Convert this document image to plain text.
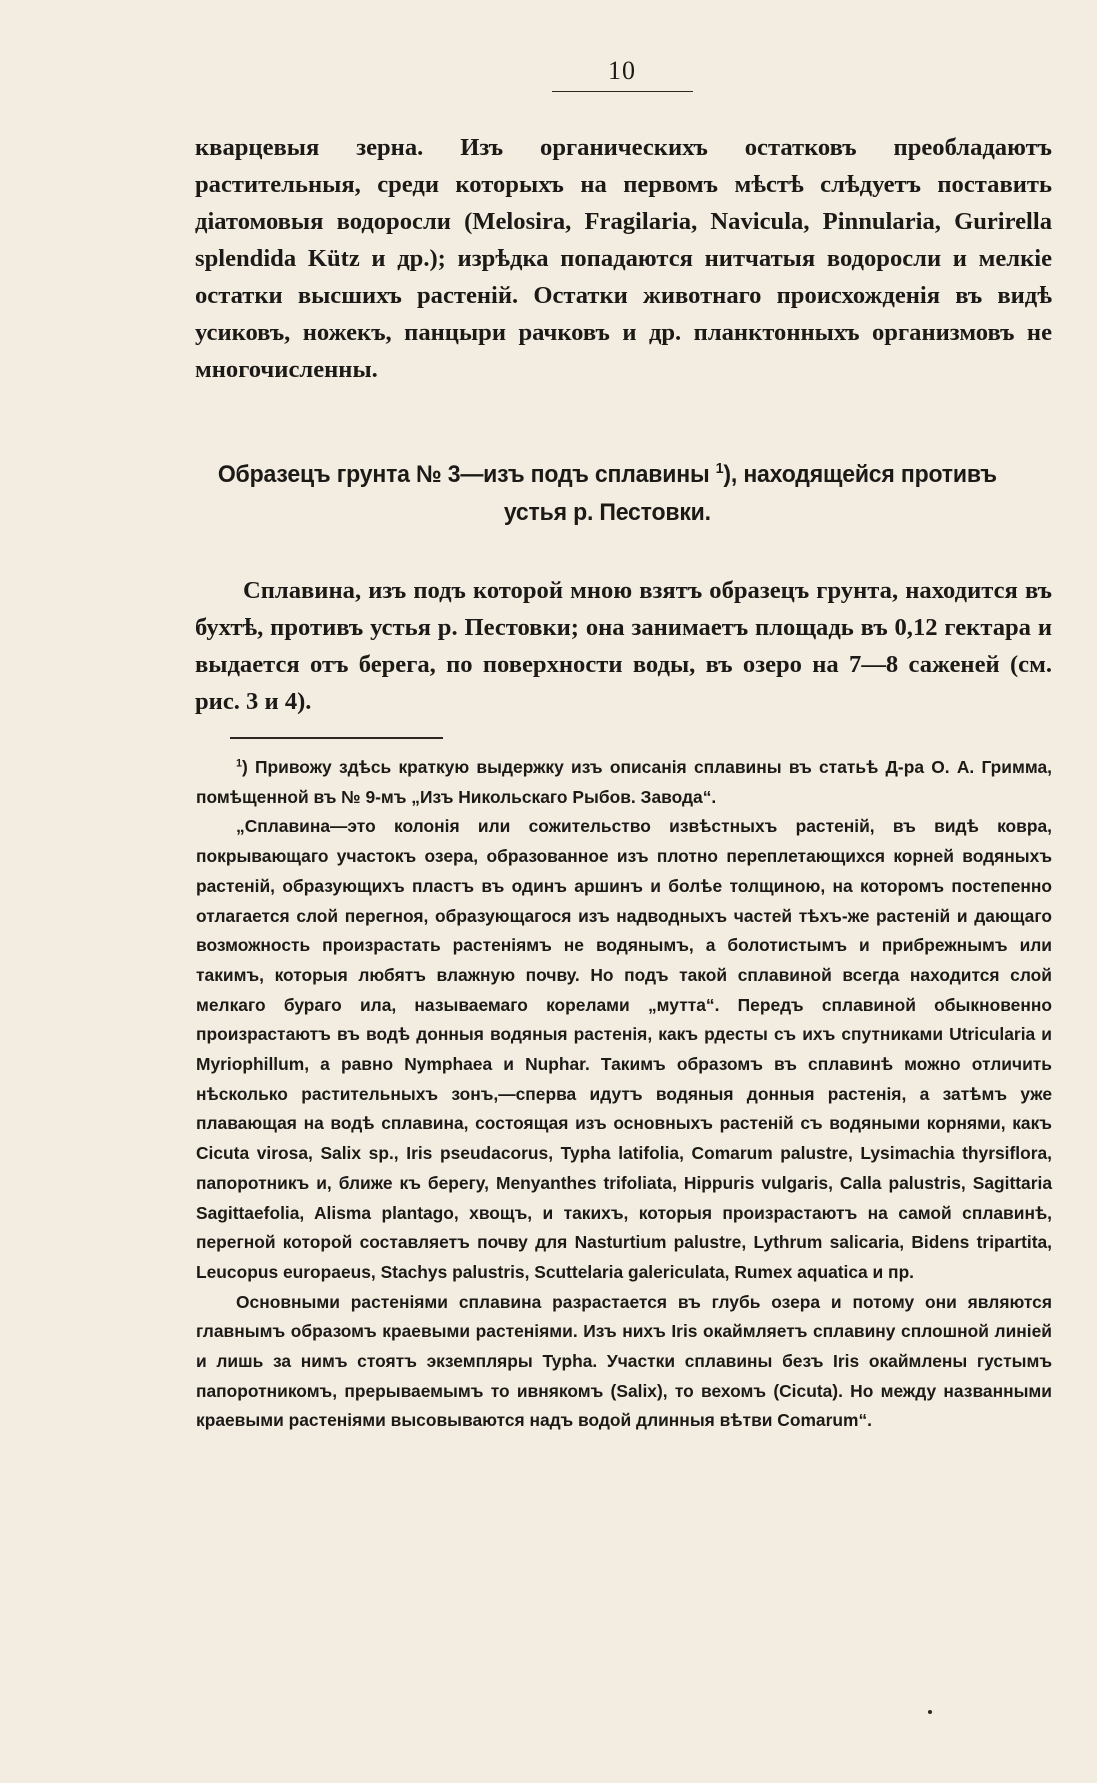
10

кварцевыя зерна. Изъ органическихъ остатковъ преобладаютъ растительныя, среди которыхъ на первомъ мѣстѣ слѣдуетъ поставить діатомовыя водоросли (Melosira, Fragilaria, Navicula, Pinnularia, Gurirella splendida Kütz и др.); изрѣдка попадаются нитчатыя водоросли и мелкіе остатки высшихъ растеній. Остатки животнаго происхожденія въ видѣ усиковъ, ножекъ, панцыри рачковъ и др. планктонныхъ организмовъ не многочисленны.

Образецъ грунта № 3—изъ подъ сплавины $^1$), находящейся противъ устья р. Пестовки.

Сплавина, изъ подъ которой мною взятъ образецъ грунта, находится въ бухтѣ, противъ устья р. Пестовки; она занимаетъ площадь въ 0,12 гектара и выдается отъ берега, по поверхности воды, въ озеро на 7—8 саженей (см. рис. 3 и 4).

$^1$) Привожу здѣсь краткую выдержку изъ описанія сплавины въ статьѣ Д-ра О. А. Гримма, помѣщенной въ № 9-мъ „Изъ Никольскаго Рыбов. Завода“.

„Сплавина—это колонія или сожительство извѣстныхъ растеній, въ видѣ ковра, покрывающаго участокъ озера, образованное изъ плотно переплетающихся корней водяныхъ растеній, образующихъ пластъ въ одинъ аршинъ и болѣе толщиною, на которомъ постепенно отлагается слой перегноя, образующагося изъ надводныхъ частей тѣхъ-же растеній и дающаго возможность произрастать растеніямъ не водянымъ, а болотистымъ и прибрежнымъ или такимъ, которыя любятъ влажную почву. Но подъ такой сплавиной всегда находится слой мелкаго бураго ила, называемаго корелами „мутта“. Передъ сплавиной обыкновенно произрастаютъ въ водѣ донныя водяныя растенія, какъ рдесты съ ихъ спутниками Utricularia и Myriophillum, а равно Nymphaea и Nuphar. Такимъ образомъ въ сплавинѣ можно отличить нѣсколько растительныхъ зонъ,—сперва идутъ водяныя донныя растенія, а затѣмъ уже плавающая на водѣ сплавина, состоящая изъ основныхъ растеній съ водяными корнями, какъ Cicuta virosa, Salix sp., Iris pseudacorus, Typha latifolia, Comarum palustre, Lysimachia thyrsiflora, папоротникъ и, ближе къ берегу, Menyanthes trifoliata, Hippuris vulgaris, Calla palustris, Sagittaria Sagittaefolia, Alisma plantago, хвощъ, и такихъ, которыя произрастаютъ на самой сплавинѣ, перегной которой составляетъ почву для Nasturtium palustre, Lythrum salicaria, Bidens tripartita, Leucopus europaeus, Stachys palustris, Scuttelaria galericulata, Rumex aquatica и пр.

Основными растеніями сплавина разрастается въ глубь озера и потому они являются главнымъ образомъ краевыми растеніями. Изъ нихъ Iris окаймляетъ сплавину сплошной линіей и лишь за нимъ стоятъ экземпляры Typha. Участки сплавины безъ Iris окаймлены густымъ папоротникомъ, прерываемымъ то ивнякомъ (Salix), то вехомъ (Cicuta). Но между названными краевыми растеніями высовываются надъ водой длинныя вѣтви Comarum“.
